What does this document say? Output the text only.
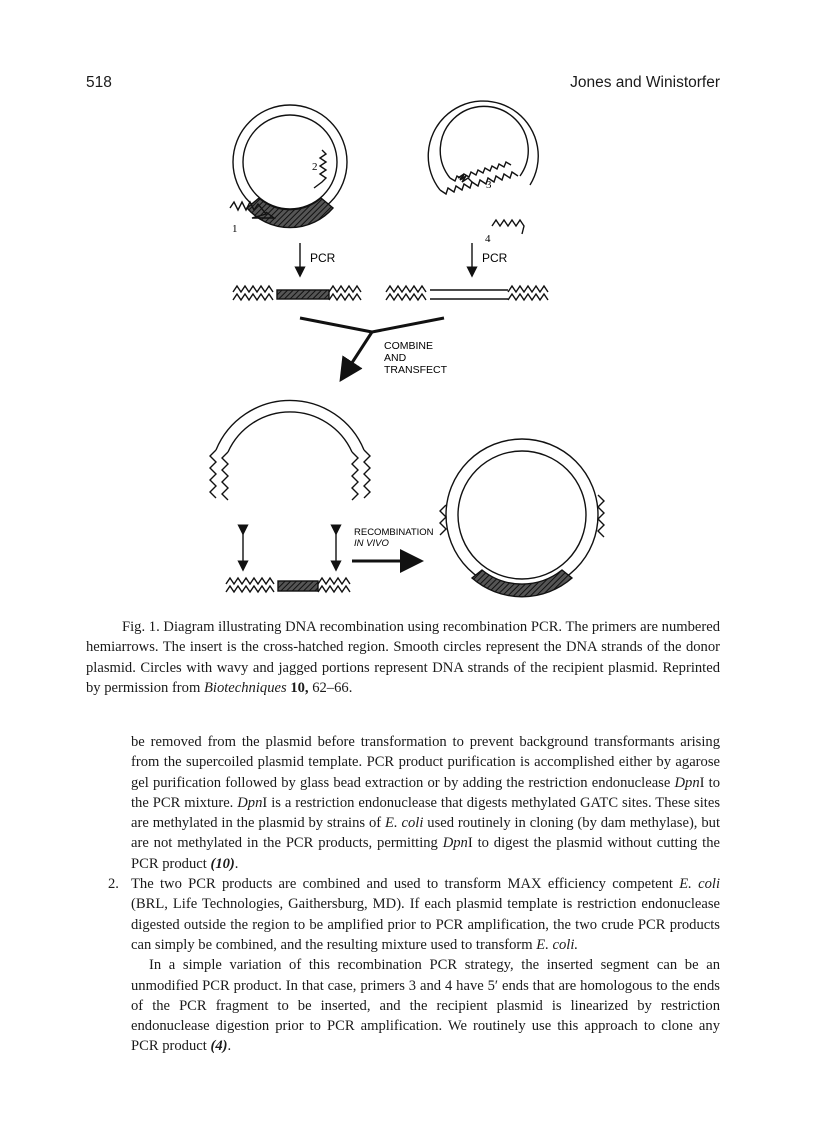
518	Jones and Winistorfer
PCR	PCR
1
2
3
4
COMBINE
AND
TRANSFECT
RECOMBINATION
IN VIVO
Fig. 1. Diagram illustrating DNA recombination using recombination PCR. The primers are numbered hemiarrows. The insert is the cross-hatched region. Smooth circles represent the DNA strands of the donor plasmid. Circles with wavy and jagged portions represent DNA strands of the recipient plasmid. Reprinted by permission from Biotechniques 10, 62–66.

be removed from the plasmid before transformation to prevent background transformants arising from the supercoiled plasmid template. PCR product purification is accomplished either by agarose gel purification followed by glass bead extraction or by adding the restriction endonuclease DpnI to the PCR mixture. DpnI is a restriction endonuclease that digests methylated GATC sites. These sites are methylated in the plasmid by strains of E. coli used routinely in cloning (by dam methylase), but are not methylated in the PCR products, permitting DpnI to digest the plasmid without cutting the PCR product (10).

2. The two PCR products are combined and used to transform MAX efficiency competent E. coli (BRL, Life Technologies, Gaithersburg, MD). If each plasmid template is restriction endonuclease digested outside the region to be amplified prior to PCR amplification, the two crude PCR products can simply be combined, and the resulting mixture used to transform E. coli.

In a simple variation of this recombination PCR strategy, the inserted segment can be an unmodified PCR product. In that case, primers 3 and 4 have 5′ ends that are homologous to the ends of the PCR fragment to be inserted, and the recipient plasmid is linearized by restriction endonuclease digestion prior to PCR amplification. We routinely use this approach to clone any PCR product (4).
